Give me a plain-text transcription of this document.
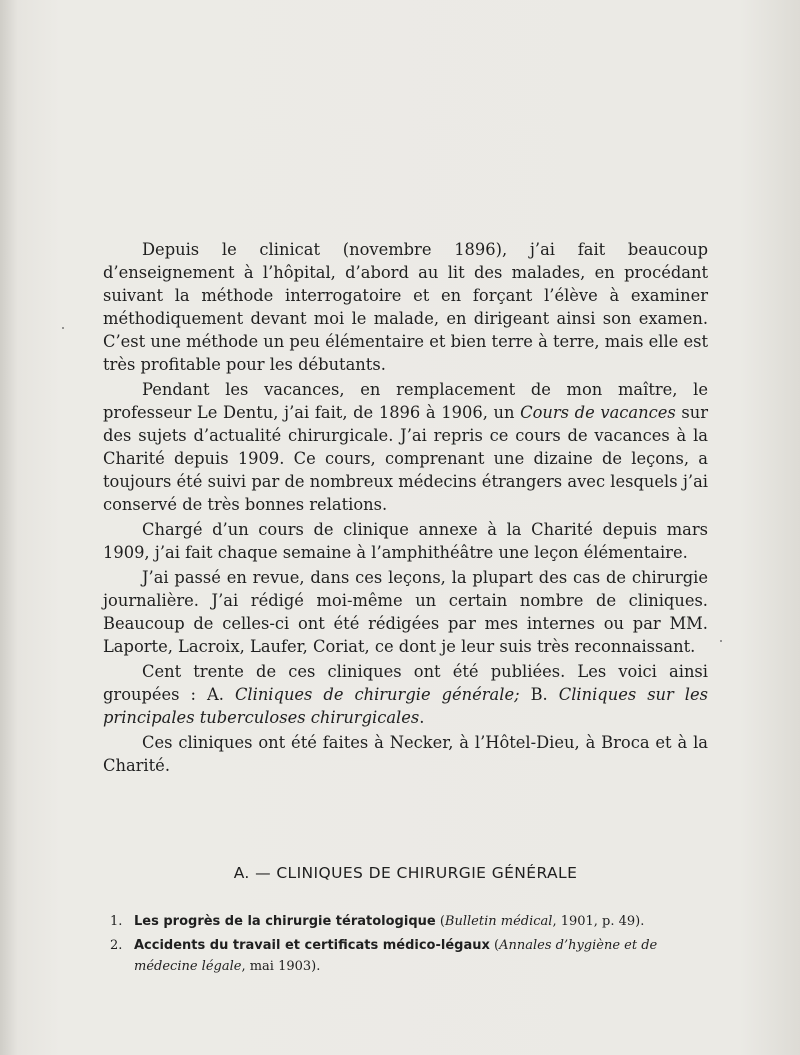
Depuis le clinicat (novembre 1896), j’ai fait beaucoup d’enseignement à l’hôpital, d’abord au lit des malades, en procédant suivant la méthode interrogatoire et en forçant l’élève à examiner méthodiquement devant moi le malade, en dirigeant ainsi son examen. C’est une méthode un peu élémentaire et bien terre à terre, mais elle est très profitable pour les débutants.

Pendant les vacances, en remplacement de mon maître, le professeur Le Dentu, j’ai fait, de 1896 à 1906, un Cours de vacances sur des sujets d’actualité chirurgicale. J’ai repris ce cours de vacances à la Charité depuis 1909. Ce cours, comprenant une dizaine de leçons, a toujours été suivi par de nombreux médecins étrangers avec lesquels j’ai conservé de très bonnes relations.

Chargé d’un cours de clinique annexe à la Charité depuis mars 1909, j’ai fait chaque semaine à l’amphithéâtre une leçon élémentaire.

J’ai passé en revue, dans ces leçons, la plupart des cas de chirurgie journalière. J’ai rédigé moi-même un certain nombre de cliniques. Beaucoup de celles-ci ont été rédigées par mes internes ou par MM. Laporte, Lacroix, Laufer, Coriat, ce dont je leur suis très reconnaissant.

Cent trente de ces cliniques ont été publiées. Les voici ainsi groupées : A. Cliniques de chirurgie générale; B. Cliniques sur les principales tuberculoses chirurgicales.

Ces cliniques ont été faites à Necker, à l’Hôtel-Dieu, à Broca et à la Charité.

A. — CLINIQUES DE CHIRURGIE GÉNÉRALE
1. Les progrès de la chirurgie tératologique (Bulletin médical, 1901, p. 49).
2. Accidents du travail et certificats médico-légaux (Annales d’hygiène et de médecine légale, mai 1903).
